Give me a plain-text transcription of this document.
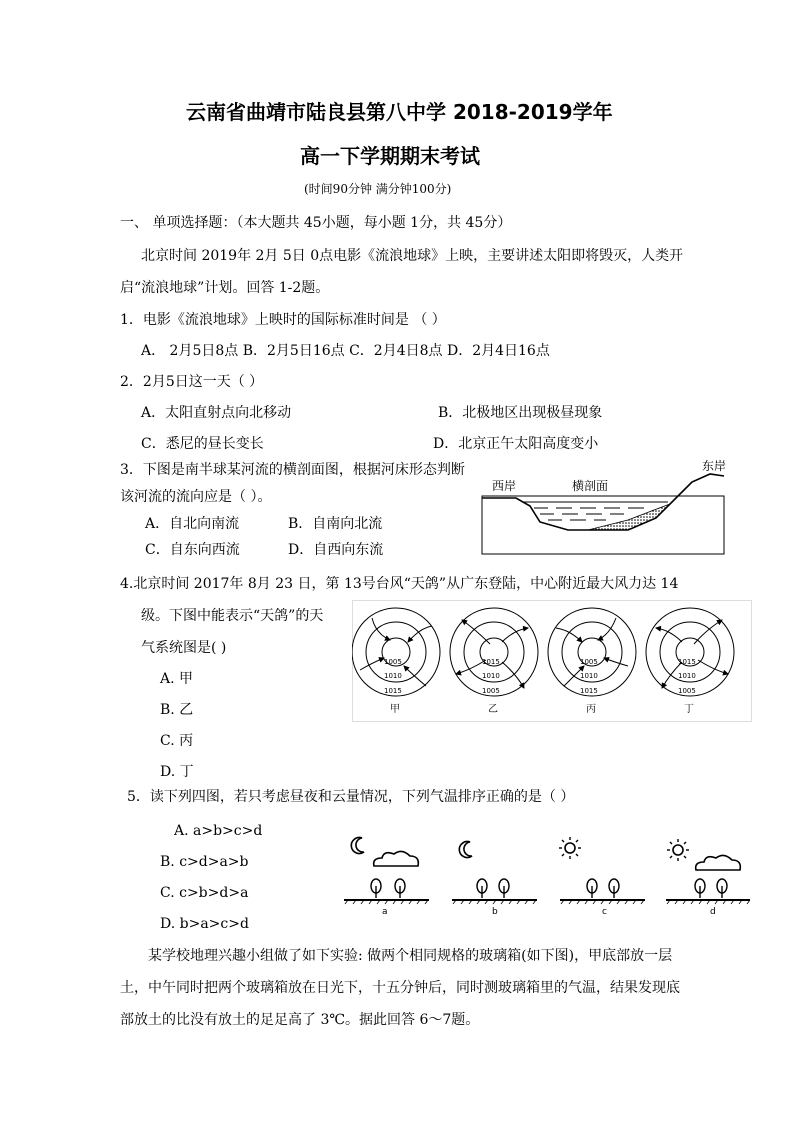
云南省曲靖市陆良县第八中学 2018-2019学年
高一下学期期末考试
(时间90分钟 满分钟100分)
一、 单项选择题：（本大题共 45小题，每小题 1分，共 45分）
北京时间 2019年 2月 5日 0点电影《流浪地球》上映，主要讲述太阳即将毁灭，人类开
启“流浪地球”计划。回答 1-2题。
1．电影《流浪地球》上映时的国际标准时间是 （ ）
A． 2月5日8点 B．2月5日16点 C．2月4日8点 D．2月4日16点
2．2月5日这一天（ ）
A．太阳直射点向北移动	B．北极地区出现极昼现象
C．悉尼的昼长变长	D．北京正午太阳高度变小
3．下图是南半球某河流的横剖面图，根据河床形态判断
该河流的流向应是（ ）。
A．自北向南流	B．自南向北流
C．自东向西流	D．自西向东流
西岸	横剖面
东岸
4.北京时间 2017年 8月 23 日，第 13号台风“天鸽”从广东登陆，中心附近最大风力达 14
级。下图中能表示“天鸽”的天
气系统图是( )
A. 甲
B. 乙
C. 丙
D. 丁
1005
1010
1015
甲
1015
1010
1005
乙
1005
1010
1015
丙
1015
1010
1005
丁
5．读下列四图，若只考虑昼夜和云量情况，下列气温排序正确的是（ ）
A. a>b>c>d
B. c>d>a>b
C. c>b>d>a
D. b>a>c>d
a	b	c	d
某学校地理兴趣小组做了如下实验: 做两个相同规格的玻璃箱(如下图)，甲底部放一层
土，中午同时把两个玻璃箱放在日光下，十五分钟后，同时测玻璃箱里的气温，结果发现底
部放土的比没有放土的足足高了 3℃。据此回答 6～7题。
